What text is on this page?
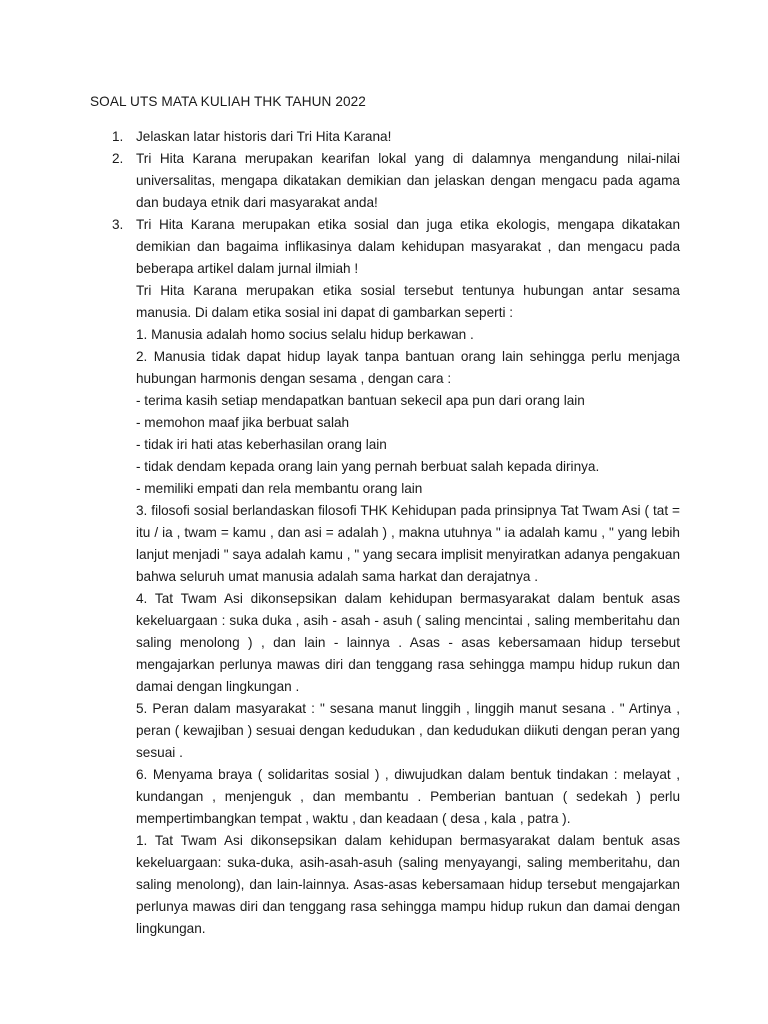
SOAL UTS MATA KULIAH THK TAHUN 2022
1. Jelaskan latar historis dari Tri Hita Karana!

2. Tri Hita Karana merupakan kearifan lokal yang di dalamnya mengandung nilai-nilai universalitas, mengapa dikatakan demikian dan jelaskan dengan mengacu pada agama dan budaya etnik dari masyarakat anda!

3. Tri Hita Karana merupakan etika sosial dan juga etika ekologis, mengapa dikatakan demikian dan bagaima inflikasinya dalam kehidupan masyarakat , dan mengacu pada beberapa artikel dalam jurnal ilmiah !

Tri Hita Karana merupakan etika sosial tersebut tentunya hubungan antar sesama manusia. Di dalam etika sosial ini dapat di gambarkan seperti :

1. Manusia adalah homo socius selalu hidup berkawan .

2. Manusia tidak dapat hidup layak tanpa bantuan orang lain sehingga perlu menjaga hubungan harmonis dengan sesama , dengan cara :

- terima kasih setiap mendapatkan bantuan sekecil apa pun dari orang lain

- memohon maaf jika berbuat salah

- tidak iri hati atas keberhasilan orang lain

- tidak dendam kepada orang lain yang pernah berbuat salah kepada dirinya.

- memiliki empati dan rela membantu orang lain

3. filosofi sosial berlandaskan filosofi THK Kehidupan pada prinsipnya Tat Twam Asi ( tat = itu / ia , twam = kamu , dan asi = adalah ) , makna utuhnya " ia adalah kamu , " yang lebih lanjut menjadi " saya adalah kamu , " yang secara implisit menyiratkan adanya pengakuan bahwa seluruh umat manusia adalah sama harkat dan derajatnya .

4. Tat Twam Asi dikonsepsikan dalam kehidupan bermasyarakat dalam bentuk asas kekeluargaan : suka duka , asih - asah - asuh ( saling mencintai , saling memberitahu dan saling menolong ) , dan lain - lainnya . Asas - asas kebersamaan hidup tersebut mengajarkan perlunya mawas diri dan tenggang rasa sehingga mampu hidup rukun dan damai dengan lingkungan .

5. Peran dalam masyarakat : " sesana manut linggih , linggih manut sesana . " Artinya , peran ( kewajiban ) sesuai dengan kedudukan , dan kedudukan diikuti dengan peran yang sesuai .

6. Menyama braya ( solidaritas sosial ) , diwujudkan dalam bentuk tindakan : melayat , kundangan , menjenguk , dan membantu . Pemberian bantuan ( sedekah ) perlu mempertimbangkan tempat , waktu , dan keadaan ( desa , kala , patra ).

1. Tat Twam Asi dikonsepsikan dalam kehidupan bermasyarakat dalam bentuk asas kekeluargaan: suka-duka, asih-asah-asuh (saling menyayangi, saling memberitahu, dan saling menolong), dan lain-lainnya. Asas-asas kebersamaan hidup tersebut mengajarkan perlunya mawas diri dan tenggang rasa sehingga mampu hidup rukun dan damai dengan lingkungan.
